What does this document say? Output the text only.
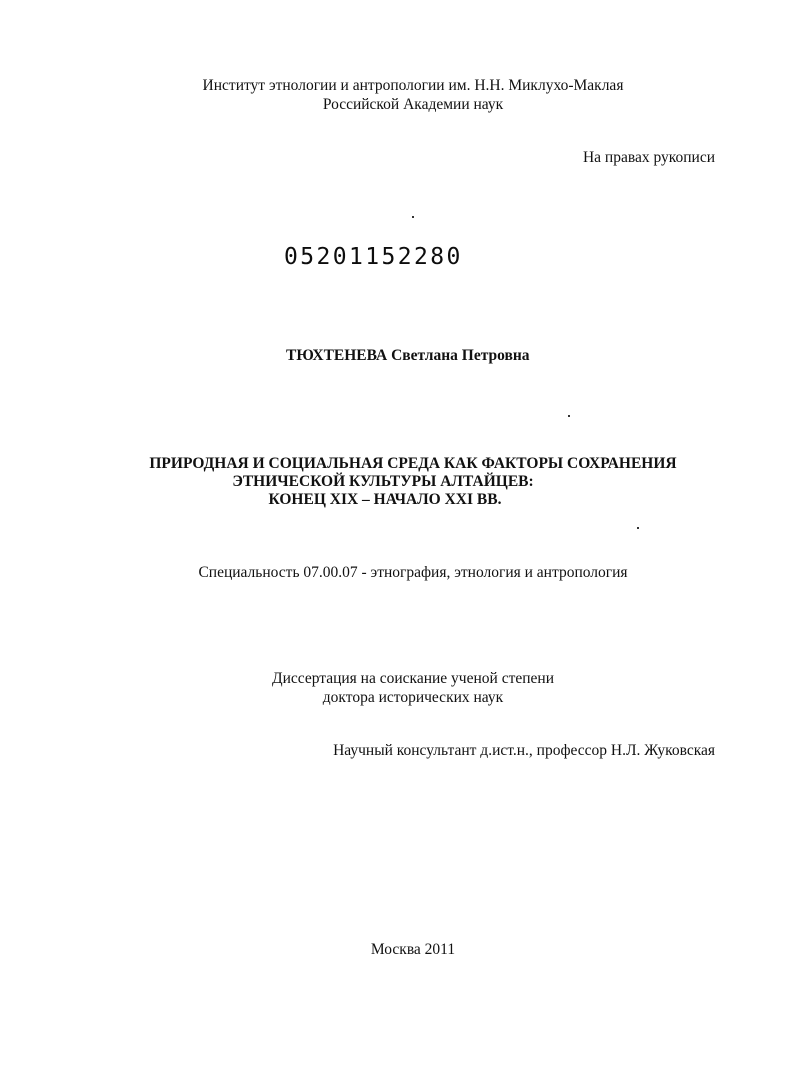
Институт этнологии и антропологии им. Н.Н. Миклухо-Маклая
Российской Академии наук
На правах рукописи
05201152280
ТЮХТЕНЕВА Светлана Петровна
ПРИРОДНАЯ И СОЦИАЛЬНАЯ СРЕДА КАК ФАКТОРЫ СОХРАНЕНИЯ
ЭТНИЧЕСКОЙ КУЛЬТУРЫ АЛТАЙЦЕВ:
КОНЕЦ XIX – НАЧАЛО XXI ВВ.
Специальность 07.00.07 - этнография, этнология и антропология
Диссертация на соискание ученой степени
доктора исторических наук
Научный консультант д.ист.н., профессор Н.Л. Жуковская
Москва 2011
